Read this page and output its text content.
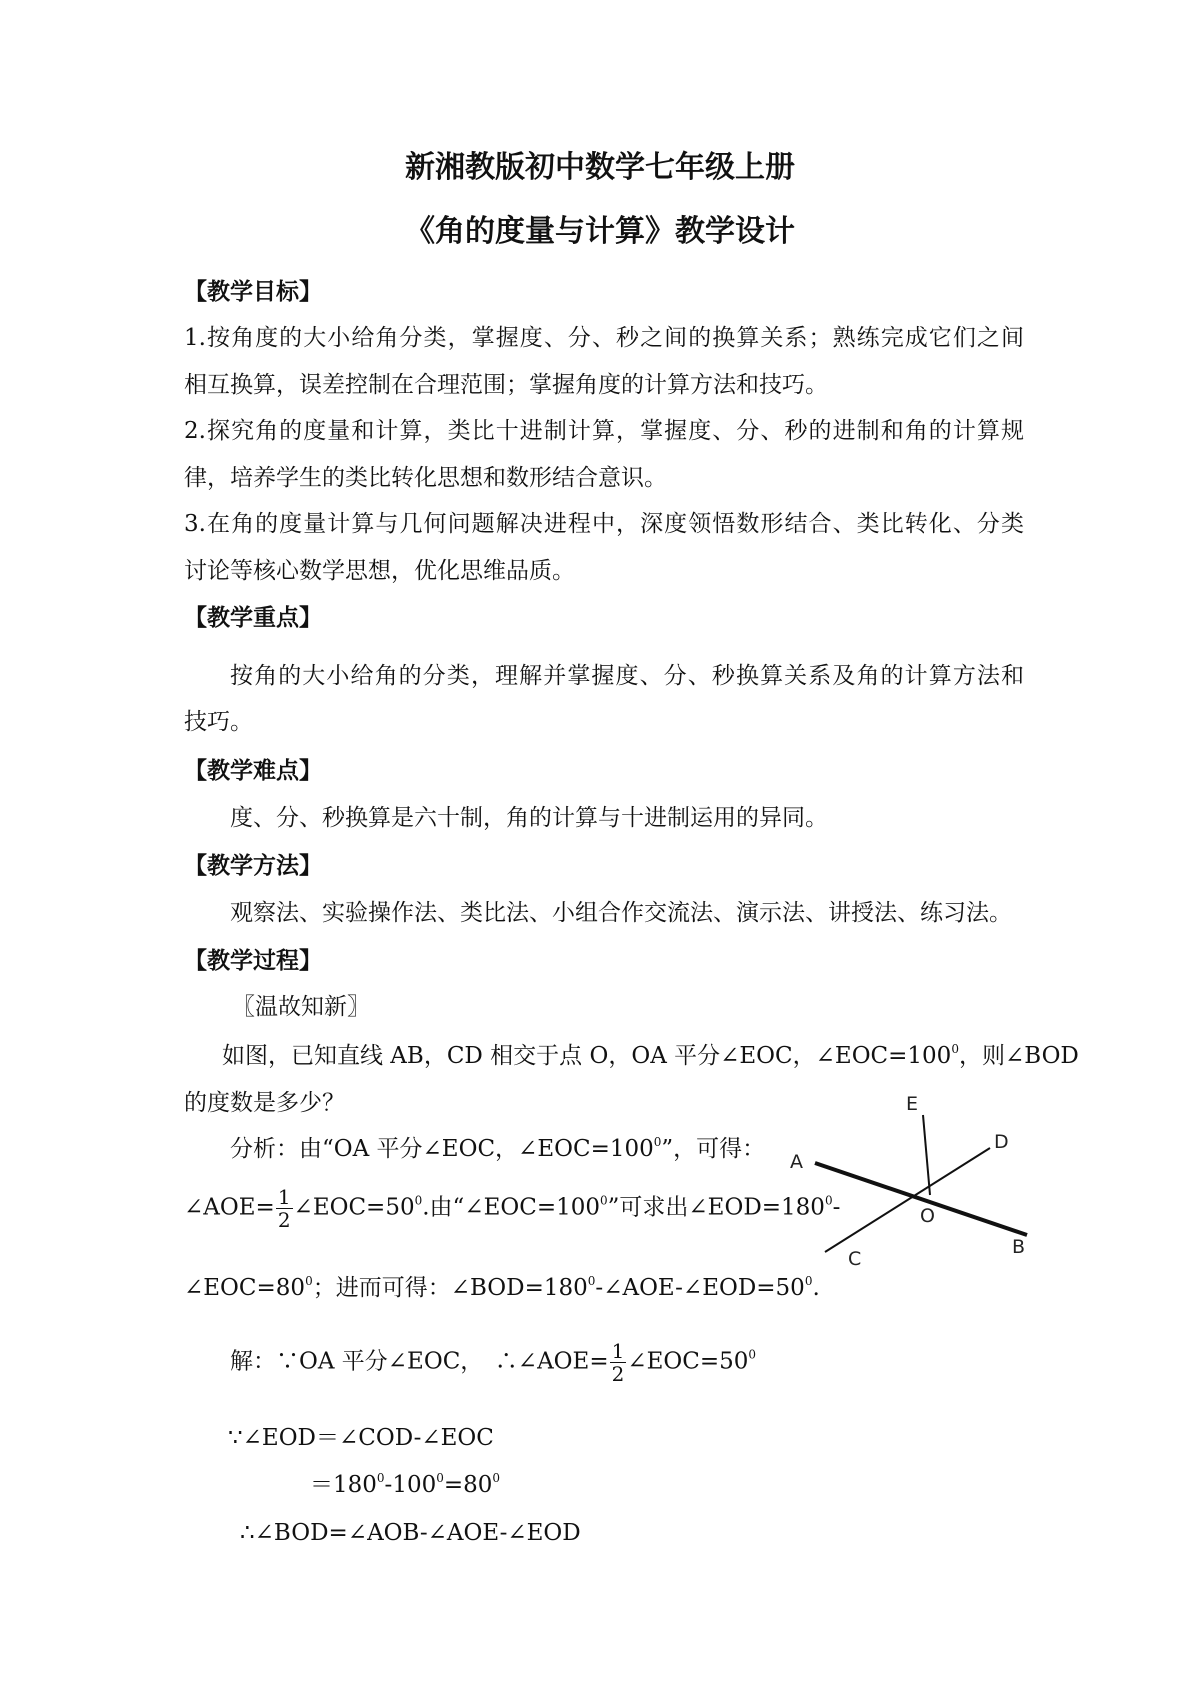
新湘教版初中数学七年级上册
《角的度量与计算》教学设计
【教学目标】
1.按角度的大小给角分类，掌握度、分、秒之间的换算关系；熟练完成它们之间
相互换算，误差控制在合理范围；掌握角度的计算方法和技巧。
2.探究角的度量和计算，类比十进制计算，掌握度、分、秒的进制和角的计算规
律，培养学生的类比转化思想和数形结合意识。
3.在角的度量计算与几何问题解决进程中，深度领悟数形结合、类比转化、分类
讨论等核心数学思想，优化思维品质。
【教学重点】
按角的大小给角的分类，理解并掌握度、分、秒换算关系及角的计算方法和
技巧。
【教学难点】
度、分、秒换算是六十制，角的计算与十进制运用的异同。
【教学方法】
观察法、实验操作法、类比法、小组合作交流法、演示法、讲授法、练习法。
【教学过程】
〖温故知新〗
如图，已知直线 AB，CD 相交于点 O，OA 平分∠EOC，$\angle EOC=100^0$，则∠BOD
的度数是多少？
分析：由“OA 平分∠EOC，$\angle EOC=100^0$”，可得：
∠AOE= $\frac{1}{2}$ $\angle EOC=50^0$.由“$\angle EOC=100^0$”可求出$\angle EOD=180^0-$
$\angle EOC=80^0$；进而可得：$\angle BOD=180^0-\angle AOE-\angle EOD=50^0$.
解：∵OA 平分∠EOC，　∴∠AOE= $\frac{1}{2}$ $\angle EOC=50^0$
∵∠EOD＝∠COD-∠EOC
$=180^0-100^0=80^0$
∴∠BOD=∠AOB-∠AOE-∠EOD
A
B
C
D
E
O
